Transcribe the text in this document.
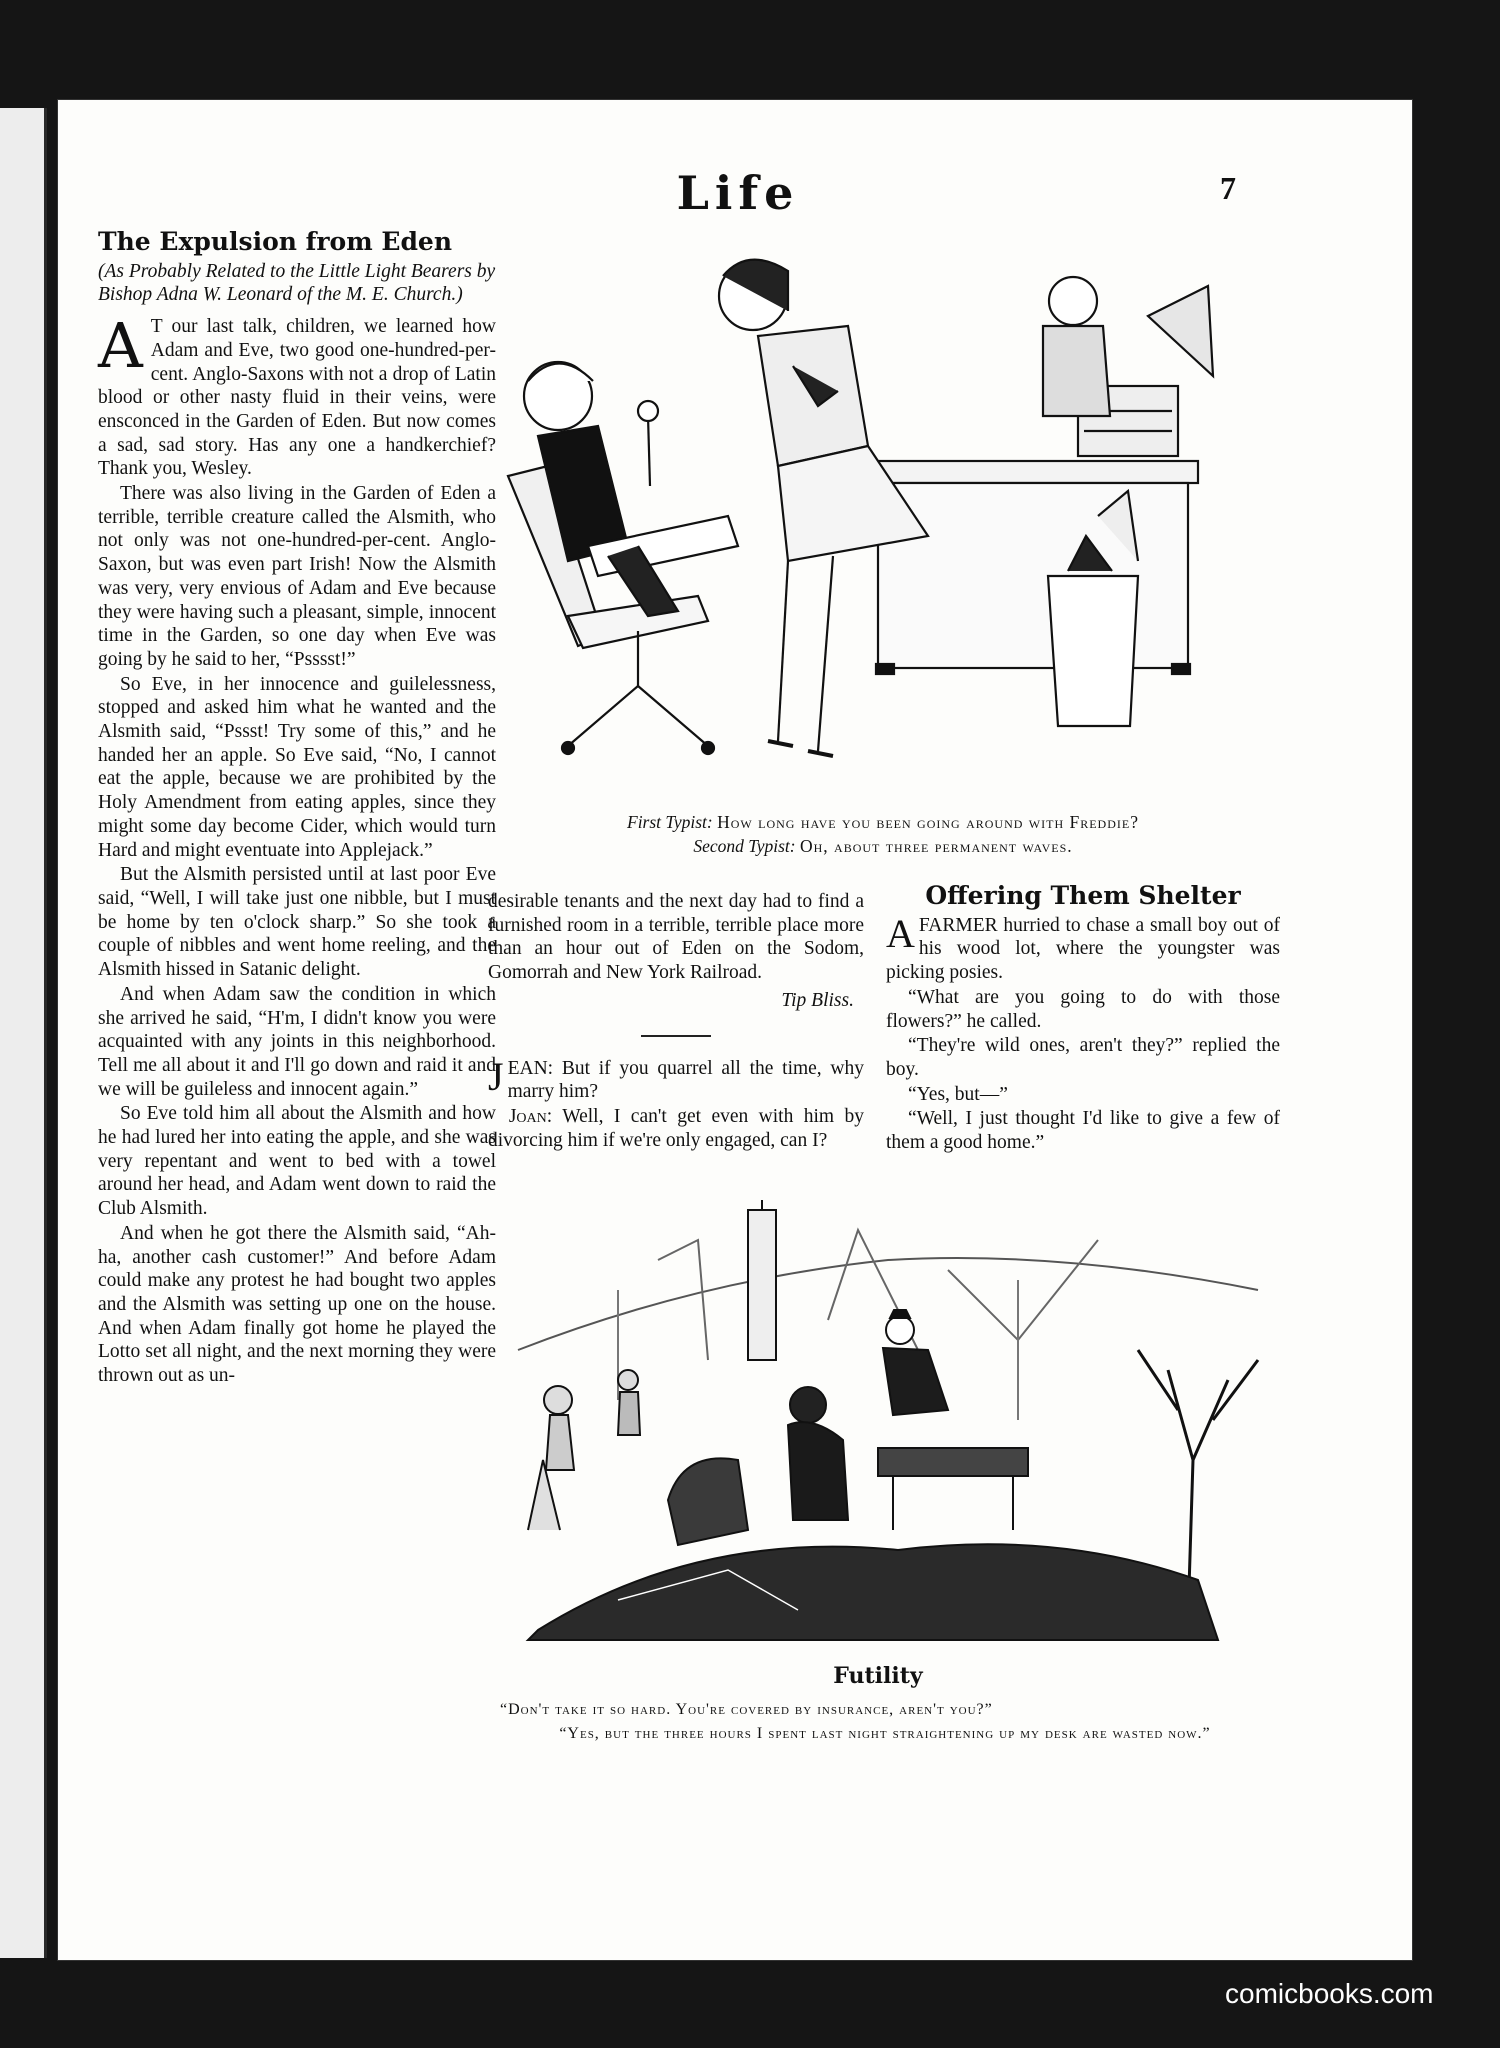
Life	7
The Expulsion from Eden
(As Probably Related to the Little Light Bearers by Bishop Adna W. Leonard of the M. E. Church.)

A T our last talk, children, we learned how Adam and Eve, two good one-hundred-per-cent. Anglo-Saxons with not a drop of Latin blood or other nasty fluid in their veins, were ensconced in the Garden of Eden. But now comes a sad, sad story. Has any one a handkerchief? Thank you, Wesley.

There was also living in the Garden of Eden a terrible, terrible creature called the Alsmith, who not only was not one-hundred-per-cent. Anglo-Saxon, but was even part Irish! Now the Alsmith was very, very envious of Adam and Eve because they were having such a pleasant, simple, innocent time in the Garden, so one day when Eve was going by he said to her, “Psssst!”

So Eve, in her innocence and guilelessness, stopped and asked him what he wanted and the Alsmith said, “Pssst! Try some of this,” and he handed her an apple. So Eve said, “No, I cannot eat the apple, because we are prohibited by the Holy Amendment from eating apples, since they might some day become Cider, which would turn Hard and might eventuate into Applejack.”

But the Alsmith persisted until at last poor Eve said, “Well, I will take just one nibble, but I must be home by ten o'clock sharp.” So she took a couple of nibbles and went home reeling, and the Alsmith hissed in Satanic delight.

And when Adam saw the condition in which she arrived he said, “H'm, I didn't know you were acquainted with any joints in this neighborhood. Tell me all about it and I'll go down and raid it and we will be guileless and innocent again.”

So Eve told him all about the Alsmith and how he had lured her into eating the apple, and she was very repentant and went to bed with a towel around her head, and Adam went down to raid the Club Alsmith.

And when he got there the Alsmith said, “Ah-ha, another cash customer!” And before Adam could make any protest he had bought two apples and the Alsmith was setting up one on the house. And when Adam finally got home he played the Lotto set all night, and the next morning they were thrown out as un-

First Typist: How long have you been going around with Freddie?
Second Typist: Oh, about three permanent waves.

desirable tenants and the next day had to find a furnished room in a terrible, terrible place more than an hour out of Eden on the Sodom, Gomorrah and New York Railroad.

Tip Bliss.

JEAN: But if you quarrel all the time, why marry him?

Joan: Well, I can't get even with him by divorcing him if we're only engaged, can I?

Offering Them Shelter

AFARMER hurried to chase a small boy out of his wood lot, where the youngster was picking posies.

“What are you going to do with those flowers?” he called.

“They're wild ones, aren't they?” replied the boy.

“Yes, but—”

“Well, I just thought I'd like to give a few of them a good home.”

Futility
“Don't take it so hard. You're covered by insurance, aren't you?”
“Yes, but the three hours I spent last night straightening up my desk are wasted now.”
comicbooks.com
